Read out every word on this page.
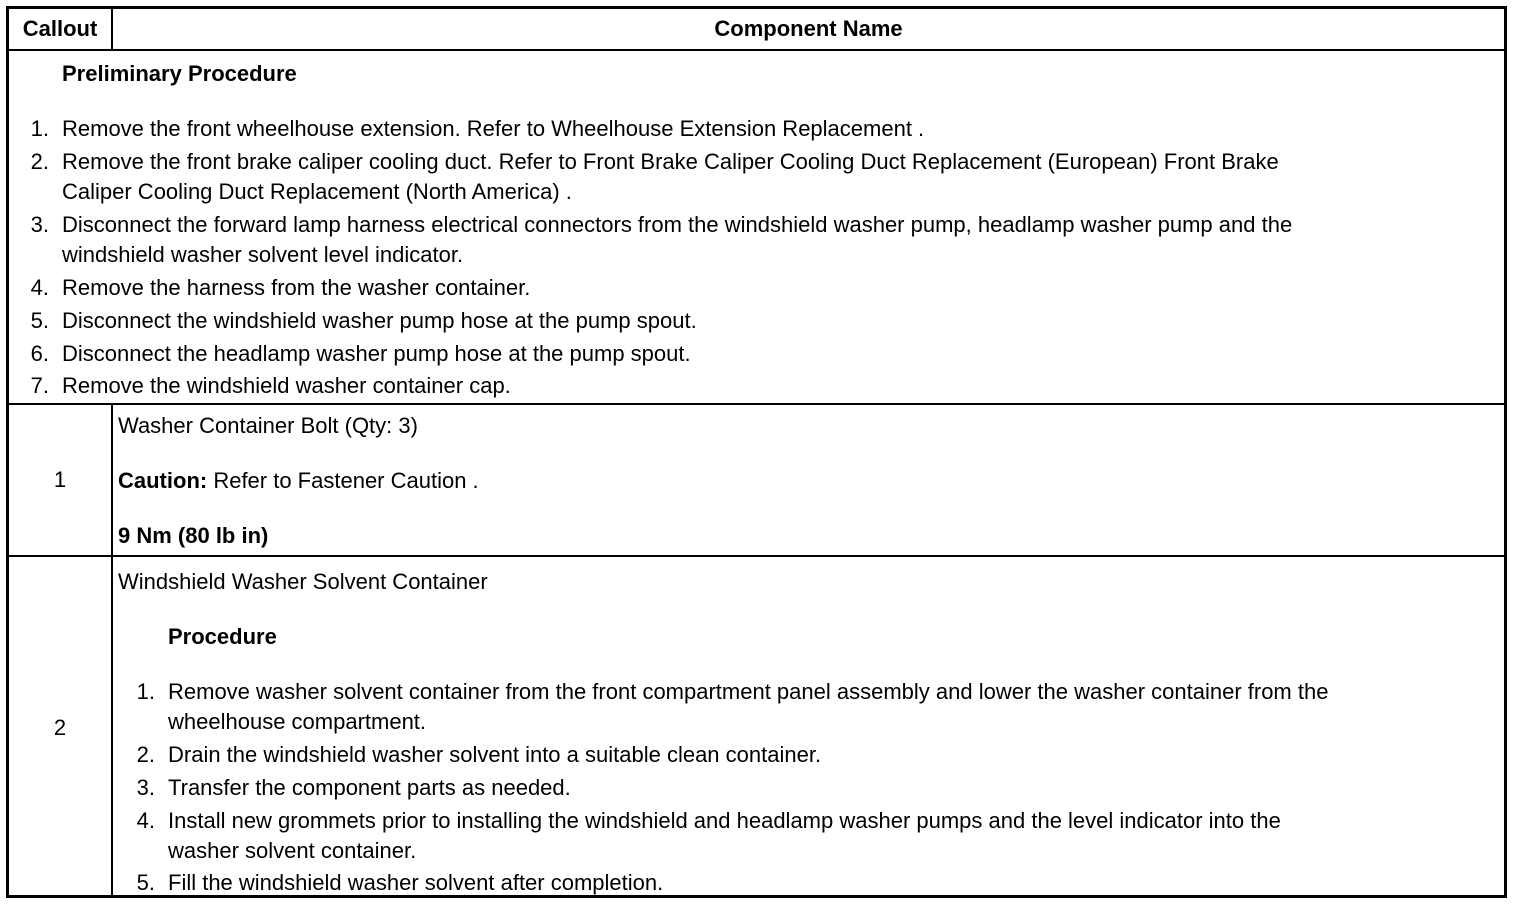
Callout	Component Name
Preliminary Procedure
1. Remove the front wheelhouse extension. Refer to Wheelhouse Extension Replacement .
2. Remove the front brake caliper cooling duct. Refer to Front Brake Caliper Cooling Duct Replacement (European) Front Brake
Caliper Cooling Duct Replacement (North America) .
3. Disconnect the forward lamp harness electrical connectors from the windshield washer pump, headlamp washer pump and the
windshield washer solvent level indicator.
4. Remove the harness from the washer container.
5. Disconnect the windshield washer pump hose at the pump spout.
6. Disconnect the headlamp washer pump hose at the pump spout.
7. Remove the windshield washer container cap.
1
Washer Container Bolt (Qty: 3)
Caution: Refer to Fastener Caution .
9 Nm (80 lb in)
2
Windshield Washer Solvent Container
Procedure
1. Remove washer solvent container from the front compartment panel assembly and lower the washer container from the
wheelhouse compartment.
2. Drain the windshield washer solvent into a suitable clean container.
3. Transfer the component parts as needed.
4. Install new grommets prior to installing the windshield and headlamp washer pumps and the level indicator into the
washer solvent container.
5. Fill the windshield washer solvent after completion.
